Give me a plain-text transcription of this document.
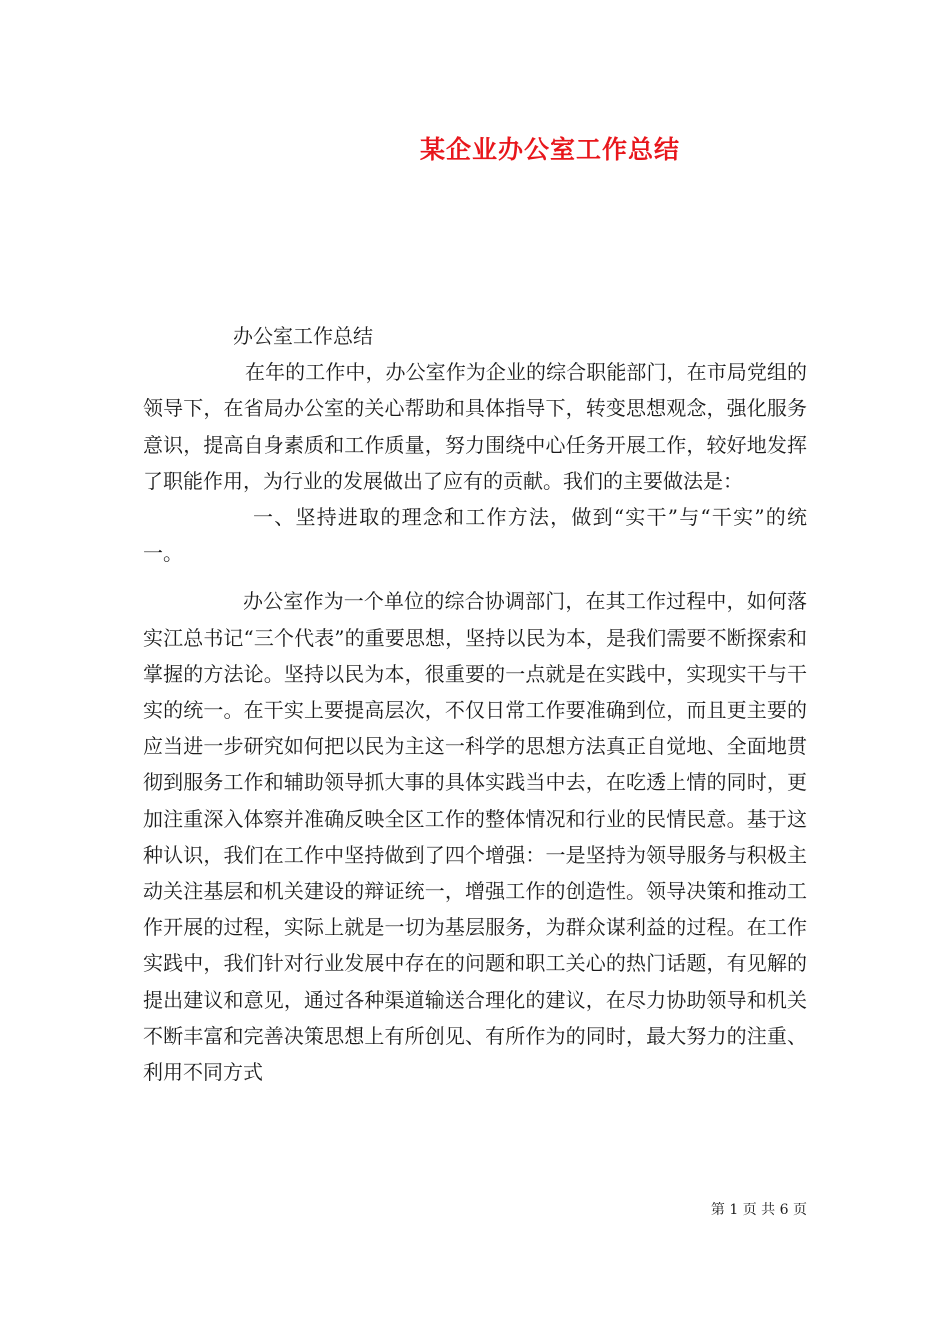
某企业办公室工作总结

办公室工作总结

在年的工作中，办公室作为企业的综合职能部门，在市局党组的领导下，在省局办公室的关心帮助和具体指导下，转变思想观念，强化服务意识，提高自身素质和工作质量，努力围绕中心任务开展工作，较好地发挥了职能作用，为行业的发展做出了应有的贡献。我们的主要做法是：

一、坚持进取的理念和工作方法，做到“实干”与“干实”的统一。

办公室作为一个单位的综合协调部门，在其工作过程中，如何落实江总书记“三个代表”的重要思想，坚持以民为本，是我们需要不断探索和掌握的方法论。坚持以民为本，很重要的一点就是在实践中，实现实干与干实的统一。在干实上要提高层次，不仅日常工作要准确到位，而且更主要的应当进一步研究如何把以民为主这一科学的思想方法真正自觉地、全面地贯彻到服务工作和辅助领导抓大事的具体实践当中去，在吃透上情的同时，更加注重深入体察并准确反映全区工作的整体情况和行业的民情民意。基于这种认识，我们在工作中坚持做到了四个增强：一是坚持为领导服务与积极主动关注基层和机关建设的辩证统一，增强工作的创造性。领导决策和推动工作开展的过程，实际上就是一切为基层服务，为群众谋利益的过程。在工作实践中，我们针对行业发展中存在的问题和职工关心的热门话题，有见解的提出建议和意见，通过各种渠道输送合理化的建议，在尽力协助领导和机关不断丰富和完善决策思想上有所创见、有所作为的同时，最大努力的注重、利用不同方式

第 1 页 共 6 页
